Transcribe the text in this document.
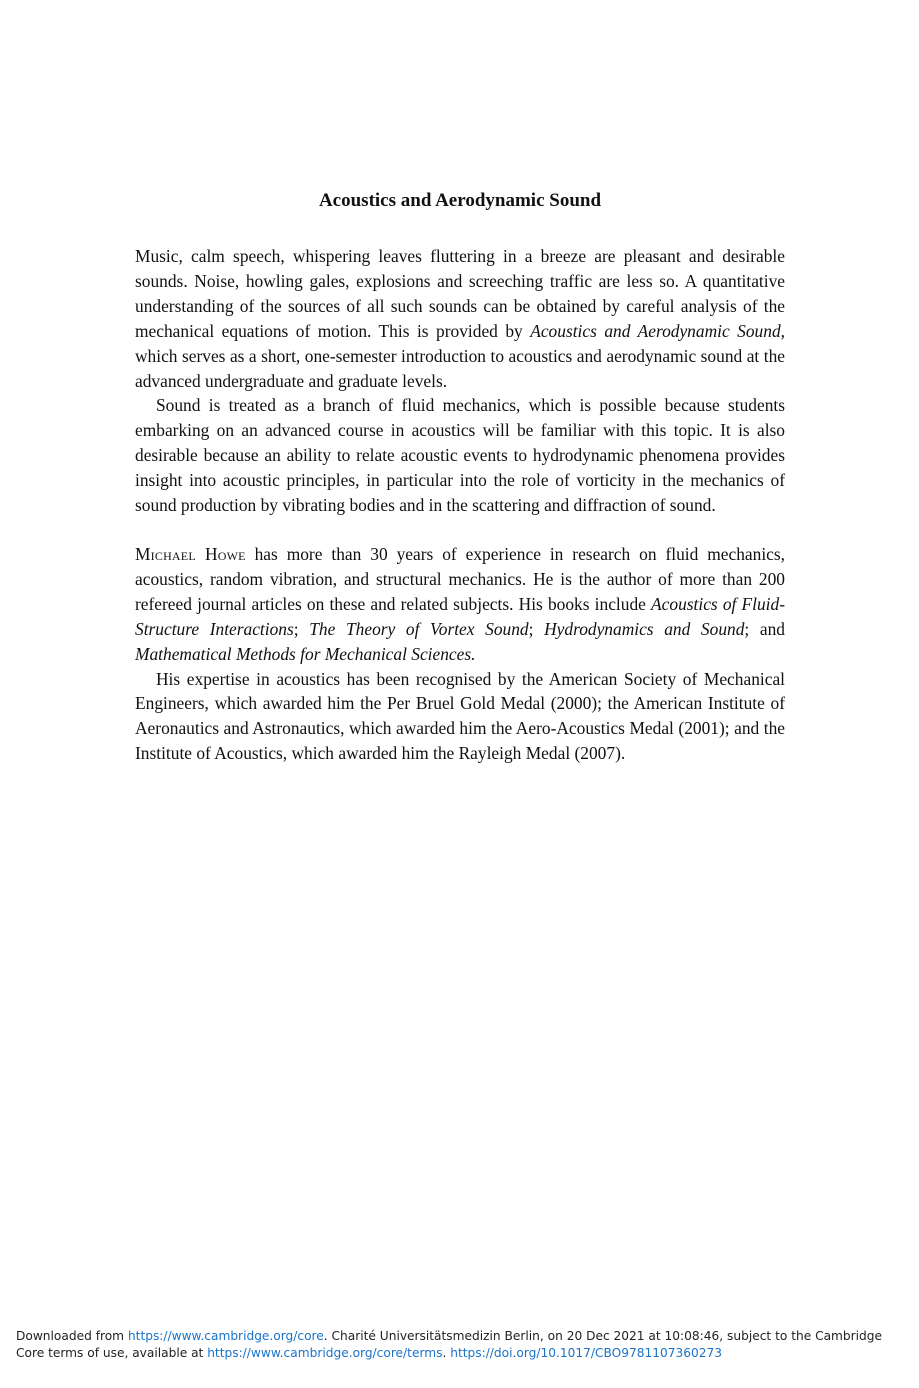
Acoustics and Aerodynamic Sound

Music, calm speech, whispering leaves fluttering in a breeze are pleasant and desirable sounds. Noise, howling gales, explosions and screeching traffic are less so. A quantitative understanding of the sources of all such sounds can be obtained by careful analysis of the mechanical equations of motion. This is provided by Acoustics and Aerodynamic Sound, which serves as a short, one-semester introduction to acoustics and aerodynamic sound at the advanced undergraduate and graduate levels.

Sound is treated as a branch of fluid mechanics, which is possible because students embarking on an advanced course in acoustics will be familiar with this topic. It is also desirable because an ability to relate acoustic events to hydrodynamic phenomena provides insight into acoustic principles, in particular into the role of vorticity in the mechanics of sound production by vibrating bodies and in the scattering and diffraction of sound.

Michael Howe has more than 30 years of experience in research on fluid mechanics, acoustics, random vibration, and structural mechanics. He is the author of more than 200 refereed journal articles on these and related subjects. His books include Acoustics of Fluid-Structure Interactions; The Theory of Vortex Sound; Hydrodynamics and Sound; and Mathematical Methods for Mechanical Sciences.

His expertise in acoustics has been recognised by the American Society of Mechanical Engineers, which awarded him the Per Bruel Gold Medal (2000); the American Institute of Aeronautics and Astronautics, which awarded him the Aero-Acoustics Medal (2001); and the Institute of Acoustics, which awarded him the Rayleigh Medal (2007).

Downloaded from https://www.cambridge.org/core. Charité Universitätsmedizin Berlin, on 20 Dec 2021 at 10:08:46, subject to the Cambridge Core terms of use, available at https://www.cambridge.org/core/terms. https://doi.org/10.1017/CBO9781107360273
